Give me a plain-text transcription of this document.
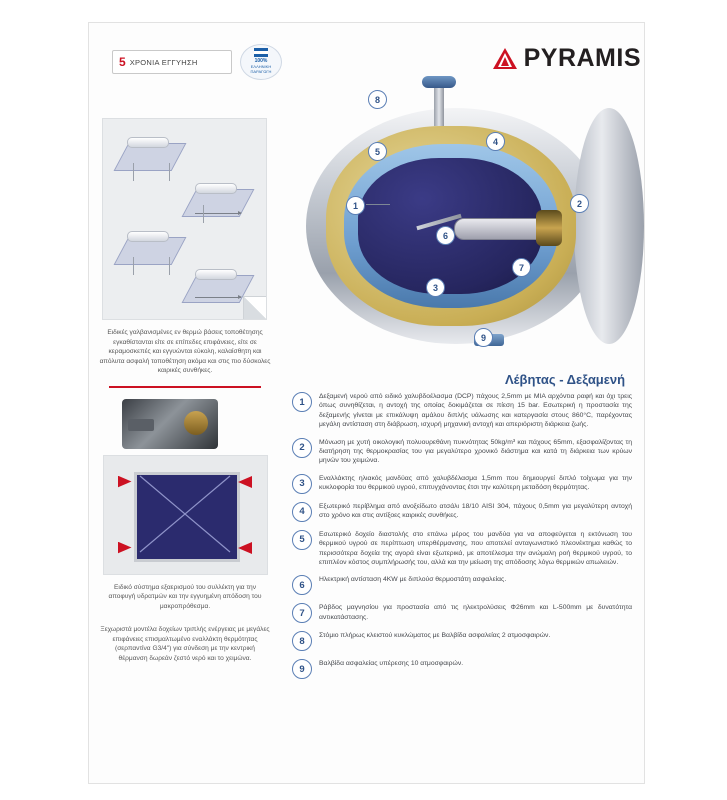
5 ΧΡΟΝΙΑ ΕΓΓΥΗΣΗ	100%
ΕΛΛΗΝΙΚΗ ΠΑΡΑΓΩΓΗ	PYRAMIS
Ειδικές γαλβανισμένες εν θερμώ βάσεις τοποθέτησης εγκαθίστανται είτε σε επίπεδες επιφάνειες, είτε σε κεραμοσκεπές και εγγυώνται εύκολη, καλαίσθητη και απόλυτα ασφαλή τοποθέτηση ακόμα και στις πιο δύσκολες καιρικές συνθήκες.
Ειδικό σύστημα εξαερισμού του συλλέκτη για την αποφυγή υδρατμών και την εγγυημένη απόδοση του μακροπρόθεσμα.
Ξεχωριστά μοντέλα δοχείων τριπλής ενέργειας με μεγάλες επιφάνειες επισμαλτωμένο εναλλάκτη θερμότητας (σερπαντίνα G3/4") για σύνδεση με την κεντρική θέρμανση δωρεάν ζεστό νερό και το χειμώνα.
1	2
3
4
5
6
7
8
9
Λέβητας - Δεξαμενή
1	Δεξαμενή νερού από ειδικό χαλυβδοέλασμα (DCP) πάχους 2,5mm με ΜΙΑ αρχόντια ραφή και όχι τρεις όπως συνηθίζεται, η αντοχή της οποίας δοκιμάζεται σε πίεση 15 bar. Εσωτερική η προστασία της δεξαμενής γίνεται με επικάλυψη αμάλου διπλής υάλωσης και κατεργασία στους 860°C, παρέχοντας μεγάλη αντίσταση στη διάβρωση, ισχυρή μηχανική αντοχή και απεριόριστη διάρκεια ζωής.
2	Μόνωση με χυτή οικολογική πολυουρεθάνη πυκνότητας 50kg/m³ και πάχους 65mm, εξασφαλίζοντας τη διατήρηση της θερμοκρασίας του για μεγαλύτερο χρονικό διάστημα και κατά τη διάρκεια των κρύων μηνών του χειμώνα.
3	Εναλλάκτης ηλιακός μανδύας από χαλυβδέλασμα 1,5mm που δημιουργεί διπλό τοίχωμα για την κυκλοφορία του θερμικού υγρού, επιτυγχάνοντας έτσι την καλύτερη μεταδόση θερμότητας.
4	Εξωτερικό περίβλημα από ανοξείδωτο ατσάλι 18/10 AISI 304, πάχους 0,5mm για μεγαλύτερη αντοχή στο χρόνο και στις αντίξοες καιρικές συνθήκες.
5	Εσωτερικό δοχείο διαστολής στο επάνω μέρος του μανδύα για να αποφεύγεται η εκτόνωση του θερμικού υγρού σε περίπτωση υπερθέρμανσης, που αποτελεί ανταγωνιστικό πλεονέκτημα καθώς το περισσότερα δοχεία της αγορά είναι εξωτερικά, με αποτέλεσμα την ανώμαλη ροή θερμικού υγρού, το επιπλέον κόστος συμπλήρωσής του, αλλά και την μείωση της απόδοσης λόγω θερμικών απωλειών.
6	Ηλεκτρική αντίσταση 4KW με διπλούσ θερμοστάτη ασφαλείας.
7	Ράβδος μαγνησίου για προστασία από τις ηλεκτρολύσεις Φ26mm και L-500mm με δυνατότητα αντικατάστασης.
8	Στόμιο πλήρως κλειστού κυκλώματος με Βαλβίδα ασφαλείας 2 ατμοσφαιρών.
9	Βαλβίδα ασφαλείας υπέρεσης 10 ατμοσφαιρών.
